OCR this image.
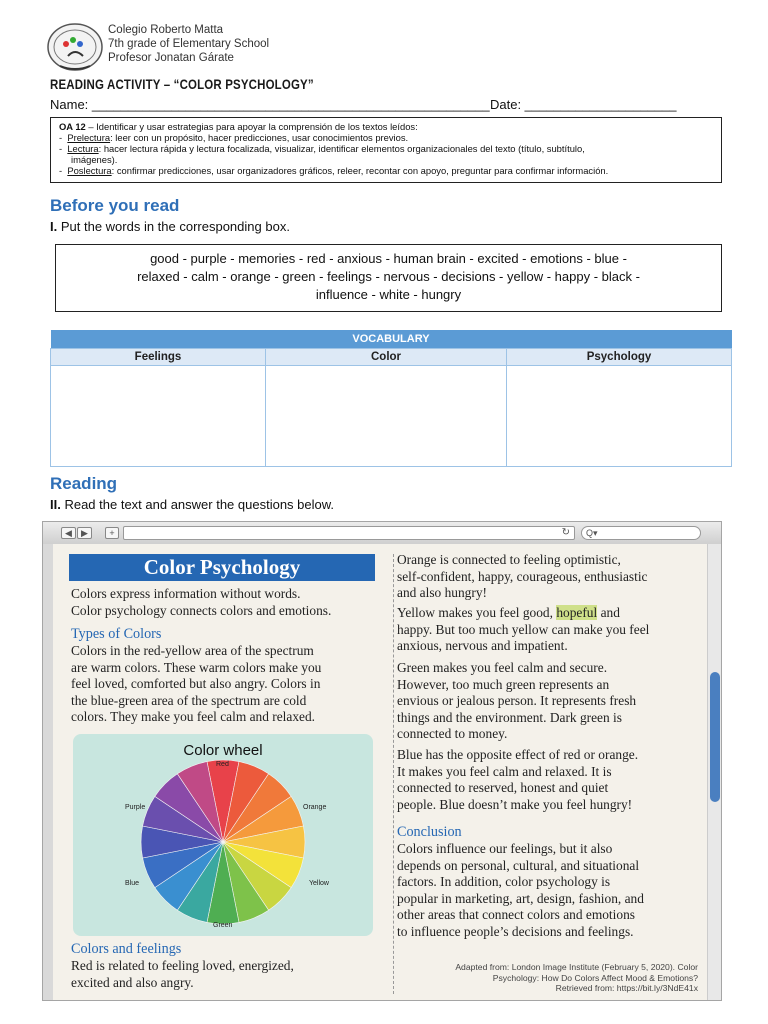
Colegio Roberto Matta
7th grade of Elementary School
Profesor Jonatan Gárate
READING ACTIVITY – “COLOR PSYCHOLOGY”
Name: _______________________________________________________ Date: _____________________

OA 12 – Identificar y usar estrategias para apoyar la comprensión de los textos leídos:

-  Prelectura: leer con un propósito, hacer predicciones, usar conocimientos previos.

-  Lectura: hacer lectura rápida y lectura focalizada, visualizar, identificar elementos organizacionales del texto (título, subtítulo,

imágenes).

-  Poslectura: confirmar predicciones, usar organizadores gráficos, releer, recontar con apoyo, preguntar para confirmar información.

Before you read
I. Put the words in the corresponding box.
good - purple - memories - red - anxious - human brain - excited - emotions - blue -
relaxed - calm - orange - green - feelings - nervous - decisions - yellow - happy - black -
influence - white - hungry
VOCABULARY		
Feelings	Color	Psychology

Reading
II. Read the text and answer the questions below.
◀	▶	+	↻	Q▾
Color Psychology
Colors express information without words.
Color psychology connects colors and emotions.
Types of Colors
Colors in the red-yellow area of the spectrum
are warm colors. These warm colors make you
feel loved, comforted but also angry. Colors in
the blue-green area of the spectrum are cold
colors. They make you feel calm and relaxed.
Color wheel
Red
Orange
Yellow
Green
Blue
Purple
Colors and feelings
Red is related to feeling loved, energized,
excited and also angry.
Orange is connected to feeling optimistic,
self-confident, happy, courageous, enthusiastic
and also hungry!
Yellow makes you feel good, hopeful and
happy. But too much yellow can make you feel
anxious, nervous and impatient.
Green makes you feel calm and secure.
However, too much green represents an
envious or jealous person. It represents fresh
things and the environment. Dark green is
connected to money.
Blue has the opposite effect of red or orange.
It makes you feel calm and relaxed. It is
connected to reserved, honest and quiet
people. Blue doesn’t make you feel hungry!
Conclusion
Colors influence our feelings, but it also
depends on personal, cultural, and situational
factors. In addition, color psychology is
popular in marketing, art, design, fashion, and
other areas that connect colors and emotions
to influence people’s decisions and feelings.
Adapted from: London Image Institute (February 5, 2020). Color
Psychology: How Do Colors Affect Mood & Emotions?
Retrieved from: https://bit.ly/3NdE41x
